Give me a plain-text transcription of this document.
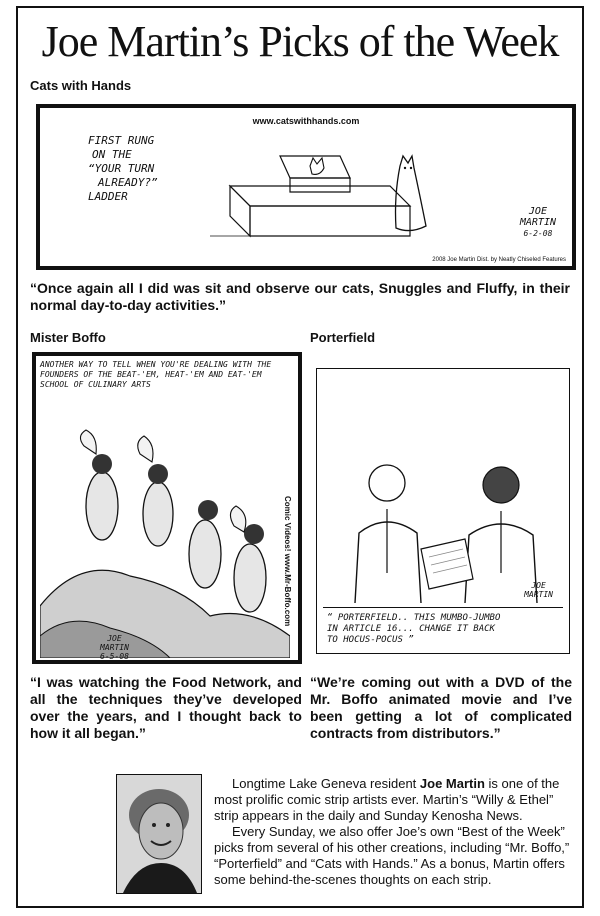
Joe Martin’s Picks of the Week
Cats with Hands
www.catswithhands.com
FIRST RUNG
ON THE
“YOUR TURN
ALREADY?”
LADDER
JOE
MARTIN
6-2-08
2008 Joe Martin Dist. by Neatly Chiseled Features
“Once again all I did was sit and observe our cats, Snuggles and Fluffy, in their normal day-to-day activities.”
Mister Boffo
ANOTHER WAY TO TELL WHEN YOU'RE DEALING WITH THE
FOUNDERS OF THE BEAT-'EM, HEAT-'EM AND EAT-'EM
SCHOOL OF CULINARY ARTS
Comic Videos! www.Mr-Boffo.com
JOE
MARTIN
6-5-08
“I was watching the Food Network, and all the techniques they’ve developed over the years, and I thought back to how it all began.”
Porterfield
JOE
MARTIN
“ PORTERFIELD.. THIS MUMBO-JUMBO
IN ARTICLE 16... CHANGE IT BACK
TO HOCUS-POCUS ”
“We’re coming out with a DVD of the Mr. Boffo animated movie and I’ve been getting a lot of complicated contracts from distributors.”

Longtime Lake Geneva resident Joe Martin is one of the most prolific comic strip artists ever. Martin’s “Willy & Ethel” strip appears in the daily and Sunday Kenosha News.

Every Sunday, we also offer Joe’s own “Best of the Week” picks from several of his other creations, including “Mr. Boffo,” “Porterfield” and “Cats with Hands.” As a bonus, Martin offers some behind-the-scenes thoughts on each strip.
